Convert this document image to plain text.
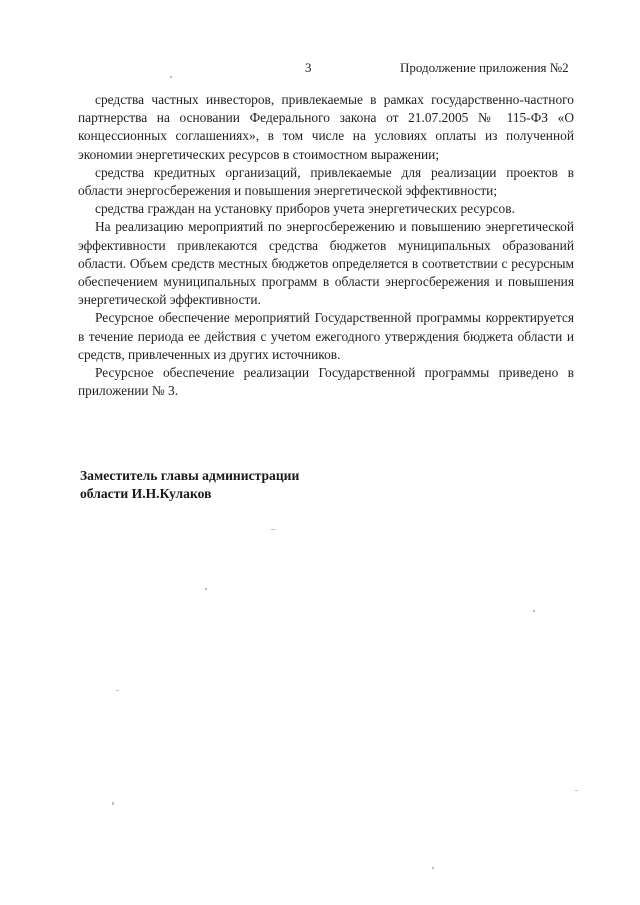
3	Продолжение приложения №2

средства частных инвесторов, привлекаемые в рамках государственно-частного партнерства на основании Федерального закона от 21.07.2005 № 115-ФЗ «О концессионных соглашениях», в том числе на условиях оплаты из полученной экономии энергетических ресурсов в стоимостном выражении;

средства кредитных организаций, привлекаемые для реализации проектов в области энергосбережения и повышения энергетической эффективности;

средства граждан на установку приборов учета энергетических ресурсов.

На реализацию мероприятий по энергосбережению и повышению энергетической эффективности привлекаются средства бюджетов муниципальных образований области. Объем средств местных бюджетов определяется в соответствии с ресурсным обеспечением муниципальных программ в области энергосбережения и повышения энергетической эффективности.

Ресурсное обеспечение мероприятий Государственной программы корректируется в течение периода ее действия с учетом ежегодного утверждения бюджета области и средств, привлеченных из других источников.

Ресурсное обеспечение реализации Государственной программы приведено в приложении № 3.

Заместитель главы администрации
области И.Н.Кулаков
